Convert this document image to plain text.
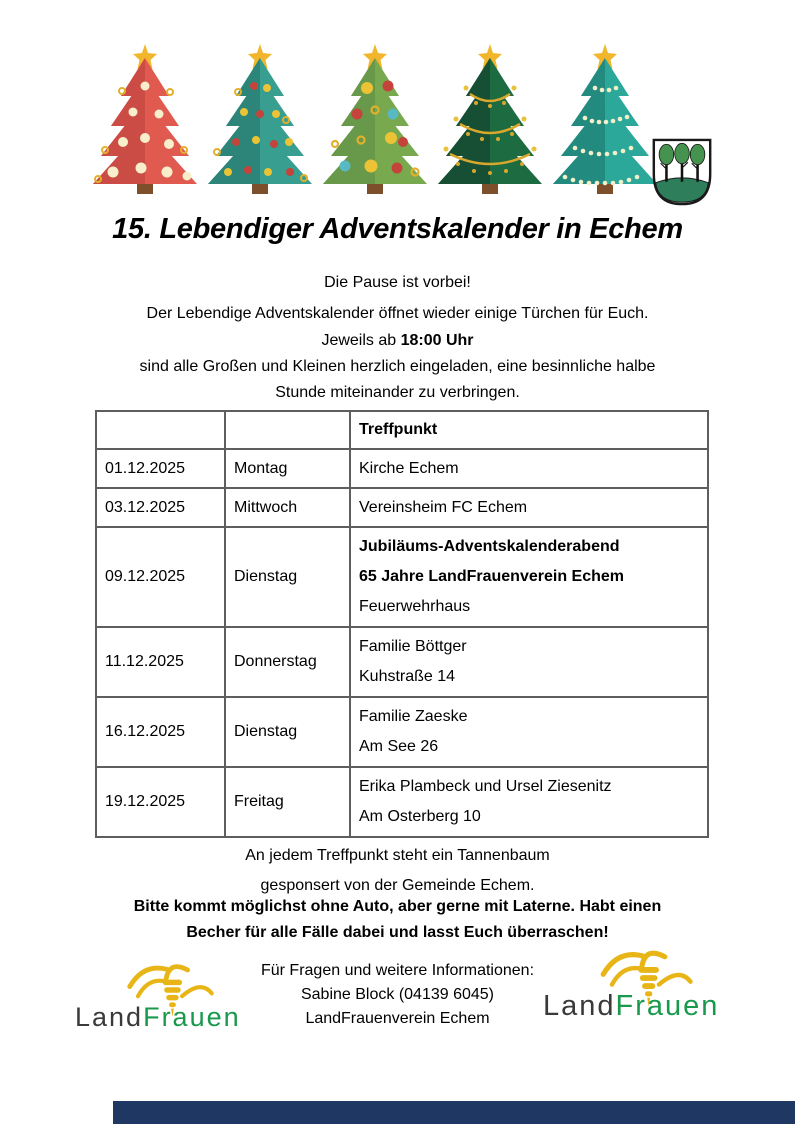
15. Lebendiger Adventskalender in Echem
Die Pause ist vorbei!
Der Lebendige Adventskalender öffnet wieder einige Türchen für Euch.
Jeweils ab 18:00 Uhr
sind alle Großen und Kleinen herzlich eingeladen, eine besinnliche halbe
Stunde miteinander zu verbringen.
		Treffpunkt
01.12.2025	Montag	Kirche Echem
03.12.2025	Mittwoch	Vereinsheim FC Echem
09.12.2025	Dienstag	Jubiläums-Adventskalenderabend
65 Jahre LandFrauenverein Echem
Feuerwehrhaus

11.12.2025	Donnerstag	Familie Böttger
Kuhstraße 14

16.12.2025	Dienstag	Familie Zaeske
Am See 26

19.12.2025	Freitag	Erika Plambeck und Ursel Ziesenitz
Am Osterberg 10
An jedem Treffpunkt steht ein Tannenbaum
gesponsert von der Gemeinde Echem.
Bitte kommt möglichst ohne Auto, aber gerne mit Laterne. Habt einen
Becher für alle Fälle dabei und lasst Euch überraschen!
Für Fragen und weitere Informationen:
Sabine Block (04139 6045)
LandFrauenverein Echem
LandFrauen	LandFrauen
